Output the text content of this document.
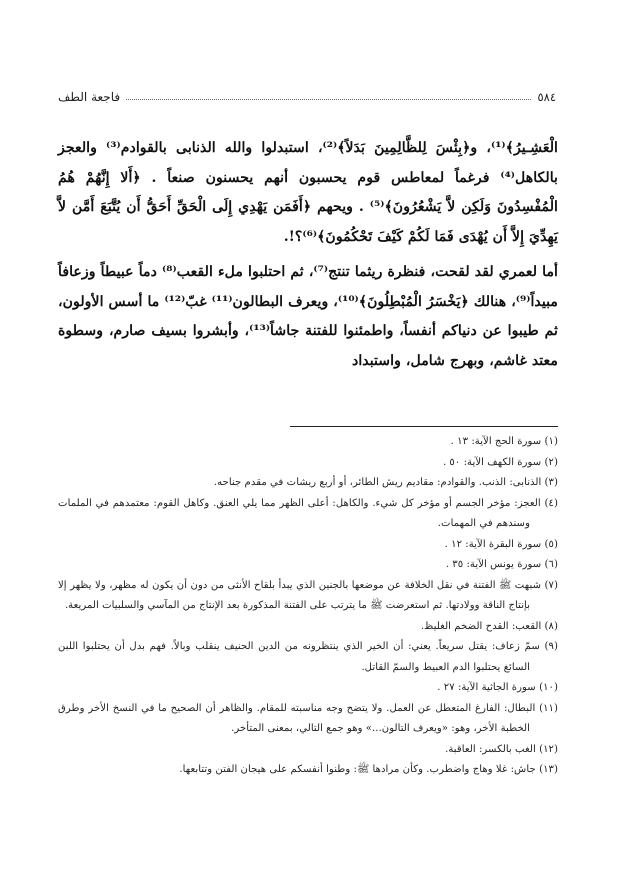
٥٨٤
فاجعة الطف

الْعَشِـيرُ﴾⁽¹⁾، و﴿بِئْسَ لِلظَّالِمِينَ بَدَلاً﴾⁽²⁾، استبدلوا والله الذنابى بالقوادم⁽³⁾ والعجز بالكاهل⁽⁴⁾ فرغماً لمعاطس قوم يحسبون أنهم يحسنون صنعاً . ﴿أَلا إِنَّهُمْ هُمُ الْمُفْسِدُونَ وَلَكِن لاَّ يَشْعُرُونَ﴾⁽⁵⁾ . ويحهم ﴿أَفَمَن يَهْدِي إِلَى الْحَقِّ أَحَقُّ أَن يُتَّبَعَ أَمَّن لاَّ يَهِدِّيَ إِلاَّ أَن يُهْدَى فَمَا لَكُمْ كَيْفَ تَحْكُمُونَ﴾⁽⁶⁾؟!.

أما لعمري لقد لقحت، فنظرة ريثما تنتج⁽⁷⁾، ثم احتلبوا ملء القعب⁽⁸⁾ دماً عبيطاً وزعافاً مبيداً⁽⁹⁾، هنالك ﴿يَخْسَرُ الْمُبْطِلُونَ﴾⁽¹⁰⁾، ويعرف البطالون⁽¹¹⁾ غبّ⁽¹²⁾ ما أسس الأولون، ثم طيبوا عن دنياكم أنفساً، واطمئنوا للفتنة جاشاً⁽¹³⁾، وأبشروا بسيف صارم، وسطوة معتد غاشم، وبهرج شامل، واستبداد

(١) سورة الحج الآية: ١٣ .

(٢) سورة الكهف الآية: ٥٠ .

(٣) الذنابى: الذنب. والقوادم: مقاديم ريش الطائر، أو أربع ريشات في مقدم جناحه.

(٤) العجز: مؤخر الجسم أو مؤخر كل شيء. والكاهل: أعلى الظهر مما يلي العنق. وكاهل القوم: معتمدهم في الملمات وسندهم في المهمات.

(٥) سورة البقرة الآية: ١٢ .

(٦) سورة يونس الآية: ٣٥ .

(٧) شبهت ﷺ الفتنة في نقل الخلافة عن موضعها بالجنين الذي يبدأ بلقاح الأنثى من دون أن يكون له مظهر، ولا يظهر إلا بإنتاج الناقة وولادتها. ثم استعرضت ﷺ ما يترتب على الفتنة المذكورة بعد الإنتاج من المآسي والسلبيات المريعة.

(٨) القعب: القدح الضخم الغليظ.

(٩) سمّ زعاف: يقتل سريعاً. يعني: أن الخير الذي ينتظرونه من الدين الحنيف ينقلب وبالاً. فهم بدل أن يحتلبوا اللبن السائغ يحتلبوا الدم العبيط والسمّ القاتل.

(١٠) سورة الجاثية الآية: ٢٧ .

(١١) البطال: الفارغ المتعطل عن العمل. ولا يتضح وجه مناسبته للمقام. والظاهر أن الصحيح ما في النسخ الأخر وطرق الخطبة الأخر، وهو: «ويعرف التالون...» وهو جمع التالي، بمعنى المتأخر.

(١٢) الغب بالكسر: العاقبة.

(١٣) جاش: غلا وهاج واضطرب. وكأن مرادها ﷺ: وطنوا أنفسكم على هيجان الفتن وتتابعها.
